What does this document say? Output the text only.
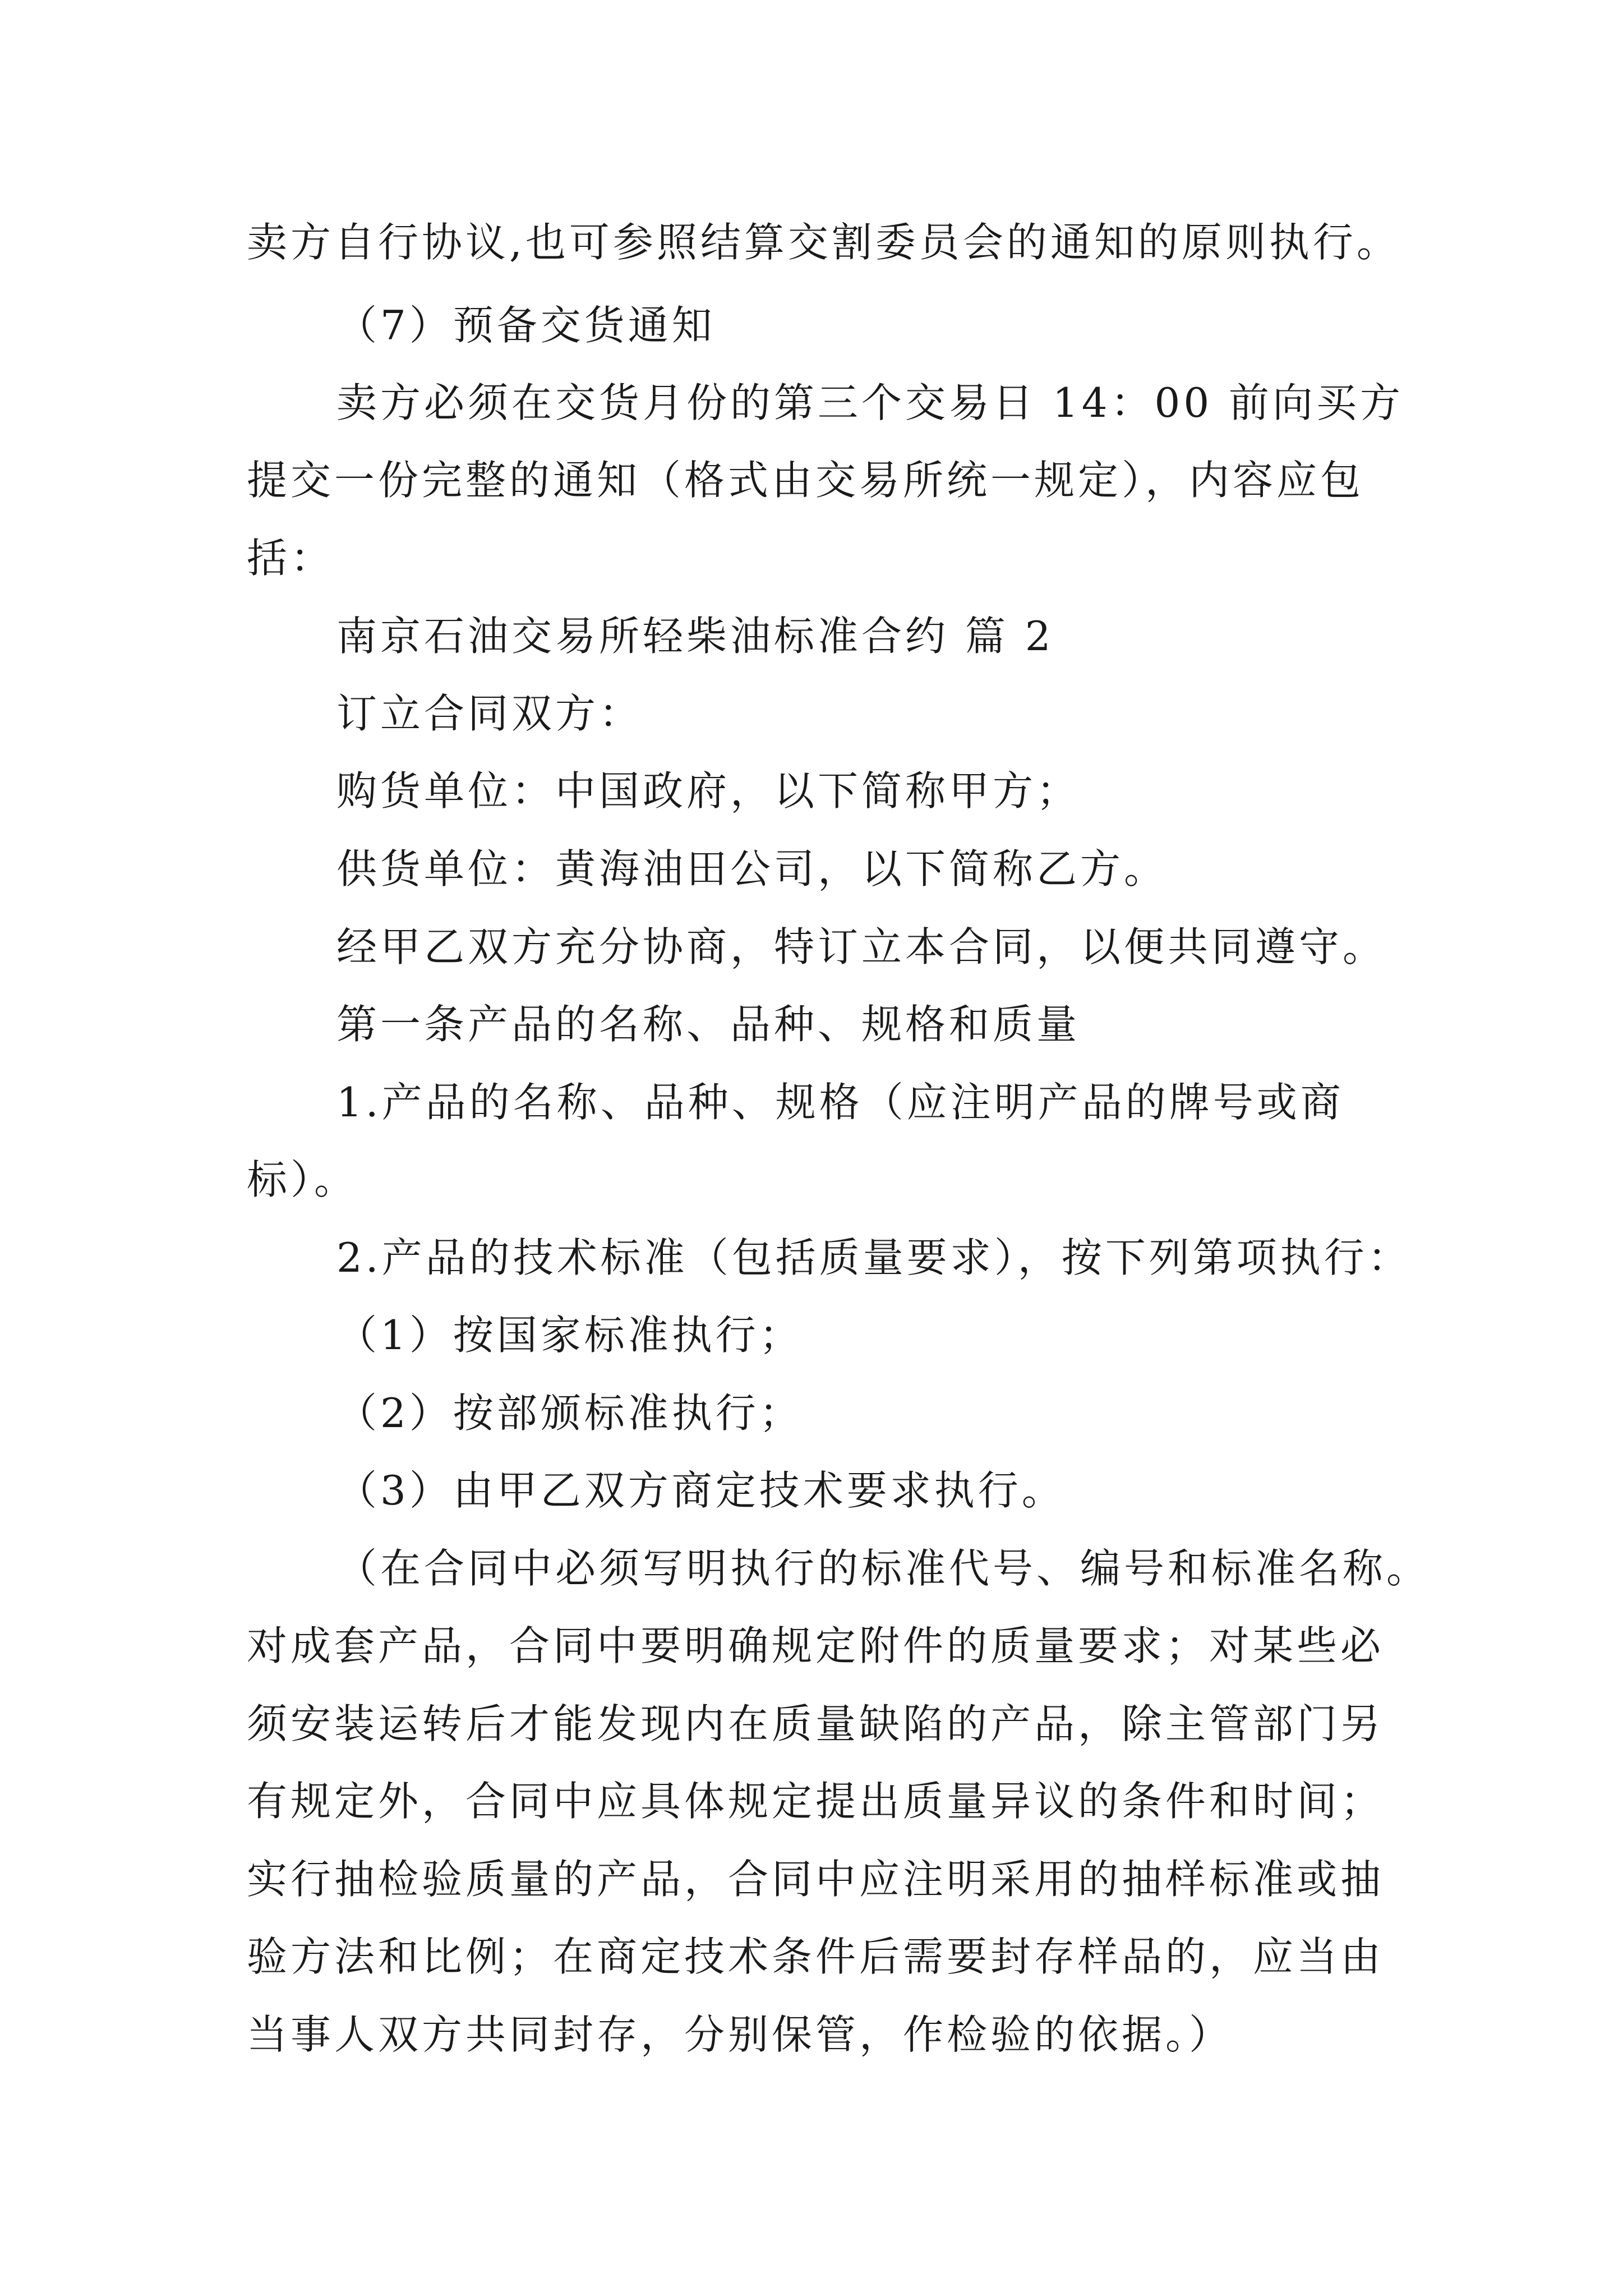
卖方自行协议,也可参照结算交割委员会的通知的原则执行。
（7）预备交货通知
卖方必须在交货月份的第三个交易日 14：00 前向买方
提交一份完整的通知（格式由交易所统一规定），内容应包
括：
南京石油交易所轻柴油标准合约 篇 2
订立合同双方：
购货单位：中国政府，以下简称甲方；
供货单位：黄海油田公司，以下简称乙方。
经甲乙双方充分协商，特订立本合同，以便共同遵守。
第一条产品的名称、品种、规格和质量
1.产品的名称、品种、规格（应注明产品的牌号或商
标）。
2.产品的技术标准（包括质量要求），按下列第项执行：
（1）按国家标准执行；
（2）按部颁标准执行；
（3）由甲乙双方商定技术要求执行。
（在合同中必须写明执行的标准代号、编号和标准名称。
对成套产品，合同中要明确规定附件的质量要求；对某些必
须安装运转后才能发现内在质量缺陷的产品，除主管部门另
有规定外，合同中应具体规定提出质量异议的条件和时间；
实行抽检验质量的产品，合同中应注明采用的抽样标准或抽
验方法和比例；在商定技术条件后需要封存样品的，应当由
当事人双方共同封存，分别保管，作检验的依据。）
